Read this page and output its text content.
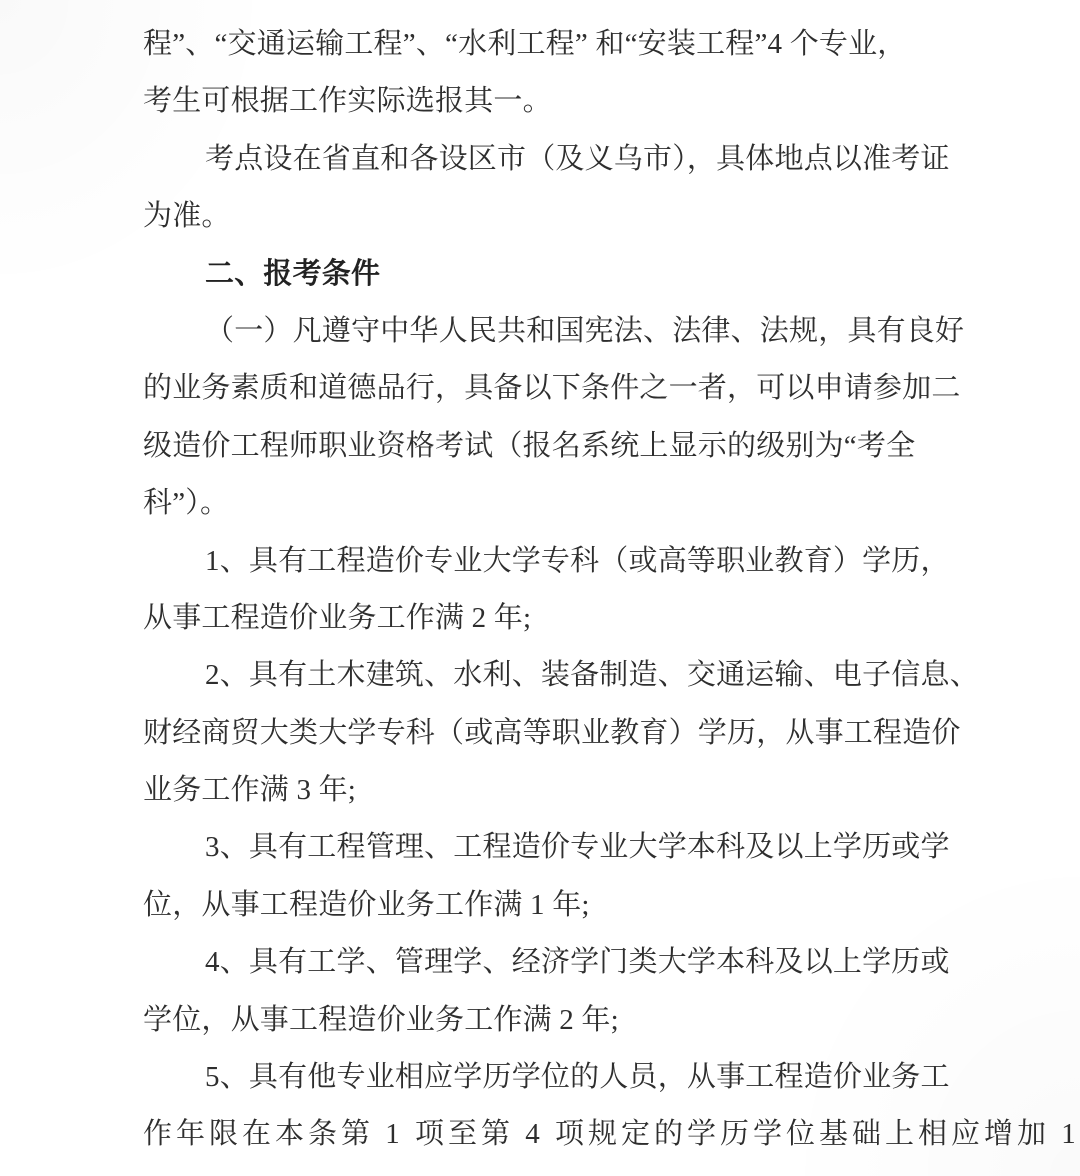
程”、“交通运输工程”、“水利工程” 和“安装工程”4 个专业，
考生可根据工作实际选报其一。
考点设在省直和各设区市（及义乌市），具体地点以准考证
为准。
二、报考条件
（一）凡遵守中华人民共和国宪法、法律、法规，具有良好
的业务素质和道德品行，具备以下条件之一者，可以申请参加二
级造价工程师职业资格考试（报名系统上显示的级别为“考全
科”）。
1、具有工程造价专业大学专科（或高等职业教育）学历，
从事工程造价业务工作满 2 年;
2、具有土木建筑、水利、装备制造、交通运输、电子信息、
财经商贸大类大学专科（或高等职业教育）学历，从事工程造价
业务工作满 3 年;
3、具有工程管理、工程造价专业大学本科及以上学历或学
位，从事工程造价业务工作满 1 年;
4、具有工学、管理学、经济学门类大学本科及以上学历或
学位，从事工程造价业务工作满 2 年;
5、具有他专业相应学历学位的人员，从事工程造价业务工
作年限在本条第 1 项至第 4 项规定的学历学位基础上相应增加 1
